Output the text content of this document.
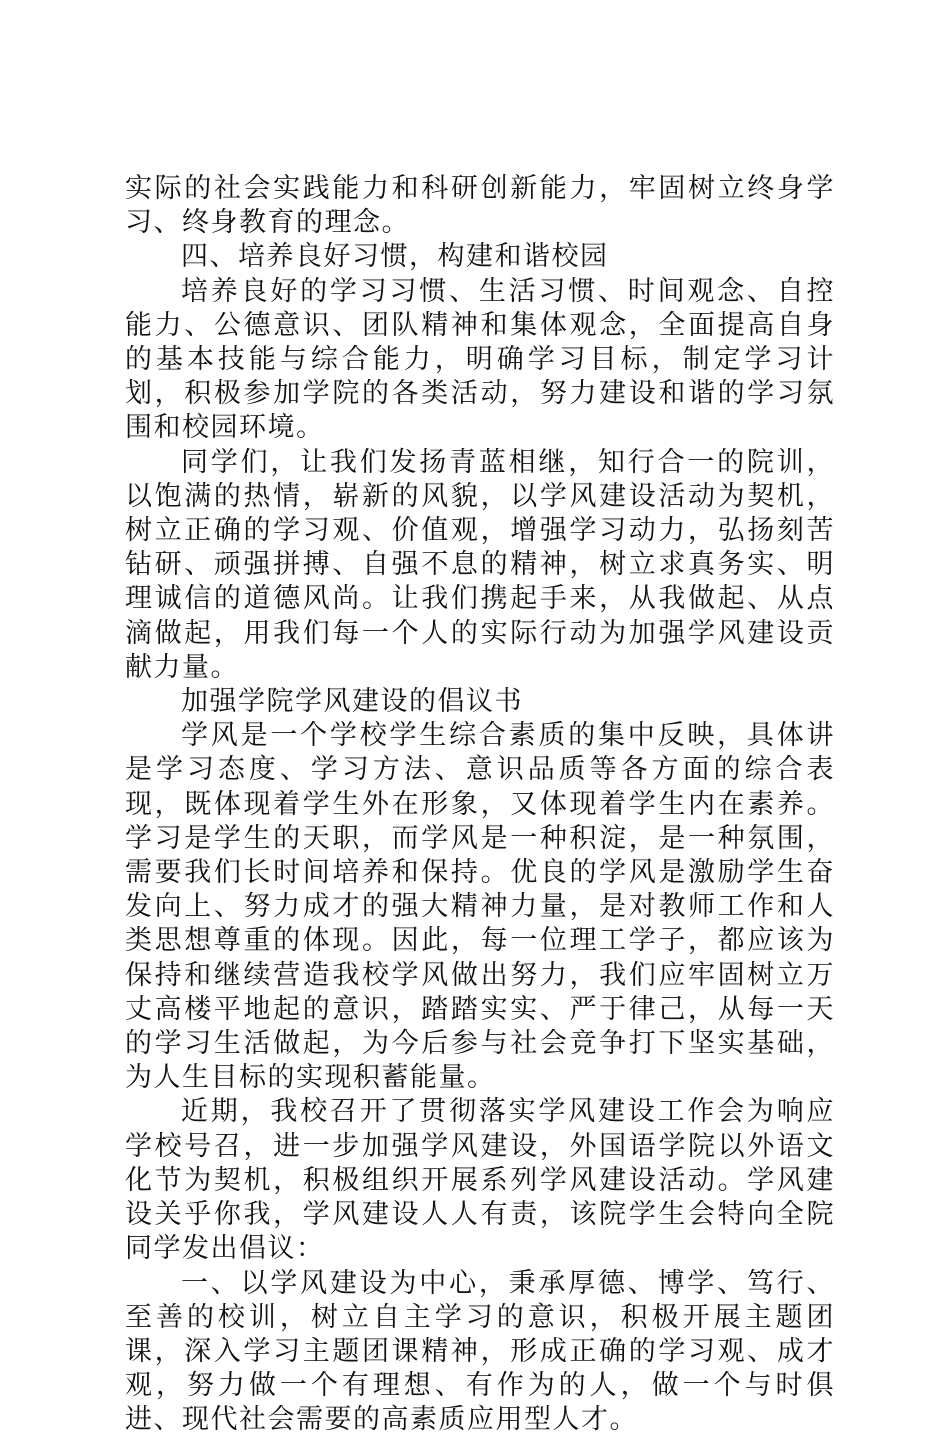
实际的社会实践能力和科研创新能力，牢固树立终身学习、终身教育的理念。

四、培养良好习惯，构建和谐校园

培养良好的学习习惯、生活习惯、时间观念、自控能力、公德意识、团队精神和集体观念，全面提高自身的基本技能与综合能力，明确学习目标，制定学习计划，积极参加学院的各类活动，努力建设和谐的学习氛围和校园环境。

同学们，让我们发扬青蓝相继，知行合一的院训，以饱满的热情，崭新的风貌，以学风建设活动为契机，树立正确的学习观、价值观，增强学习动力，弘扬刻苦钻研、顽强拼搏、自强不息的精神，树立求真务实、明理诚信的道德风尚。让我们携起手来，从我做起、从点滴做起，用我们每一个人的实际行动为加强学风建设贡献力量。

加强学院学风建设的倡议书

学风是一个学校学生综合素质的集中反映，具体讲是学习态度、学习方法、意识品质等各方面的综合表现，既体现着学生外在形象，又体现着学生内在素养。学习是学生的天职，而学风是一种积淀，是一种氛围，需要我们长时间培养和保持。优良的学风是激励学生奋发向上、努力成才的强大精神力量，是对教师工作和人类思想尊重的体现。因此，每一位理工学子，都应该为保持和继续营造我校学风做出努力，我们应牢固树立万丈高楼平地起的意识，踏踏实实、严于律己，从每一天的学习生活做起，为今后参与社会竞争打下坚实基础，为人生目标的实现积蓄能量。

近期，我校召开了贯彻落实学风建设工作会为响应学校号召，进一步加强学风建设，外国语学院以外语文化节为契机，积极组织开展系列学风建设活动。学风建设关乎你我，学风建设人人有责，该院学生会特向全院同学发出倡议：

一、以学风建设为中心，秉承厚德、博学、笃行、至善的校训，树立自主学习的意识，积极开展主题团课，深入学习主题团课精神，形成正确的学习观、成才观，努力做一个有理想、有作为的人，做一个与时俱进、现代社会需要的高素质应用型人才。
